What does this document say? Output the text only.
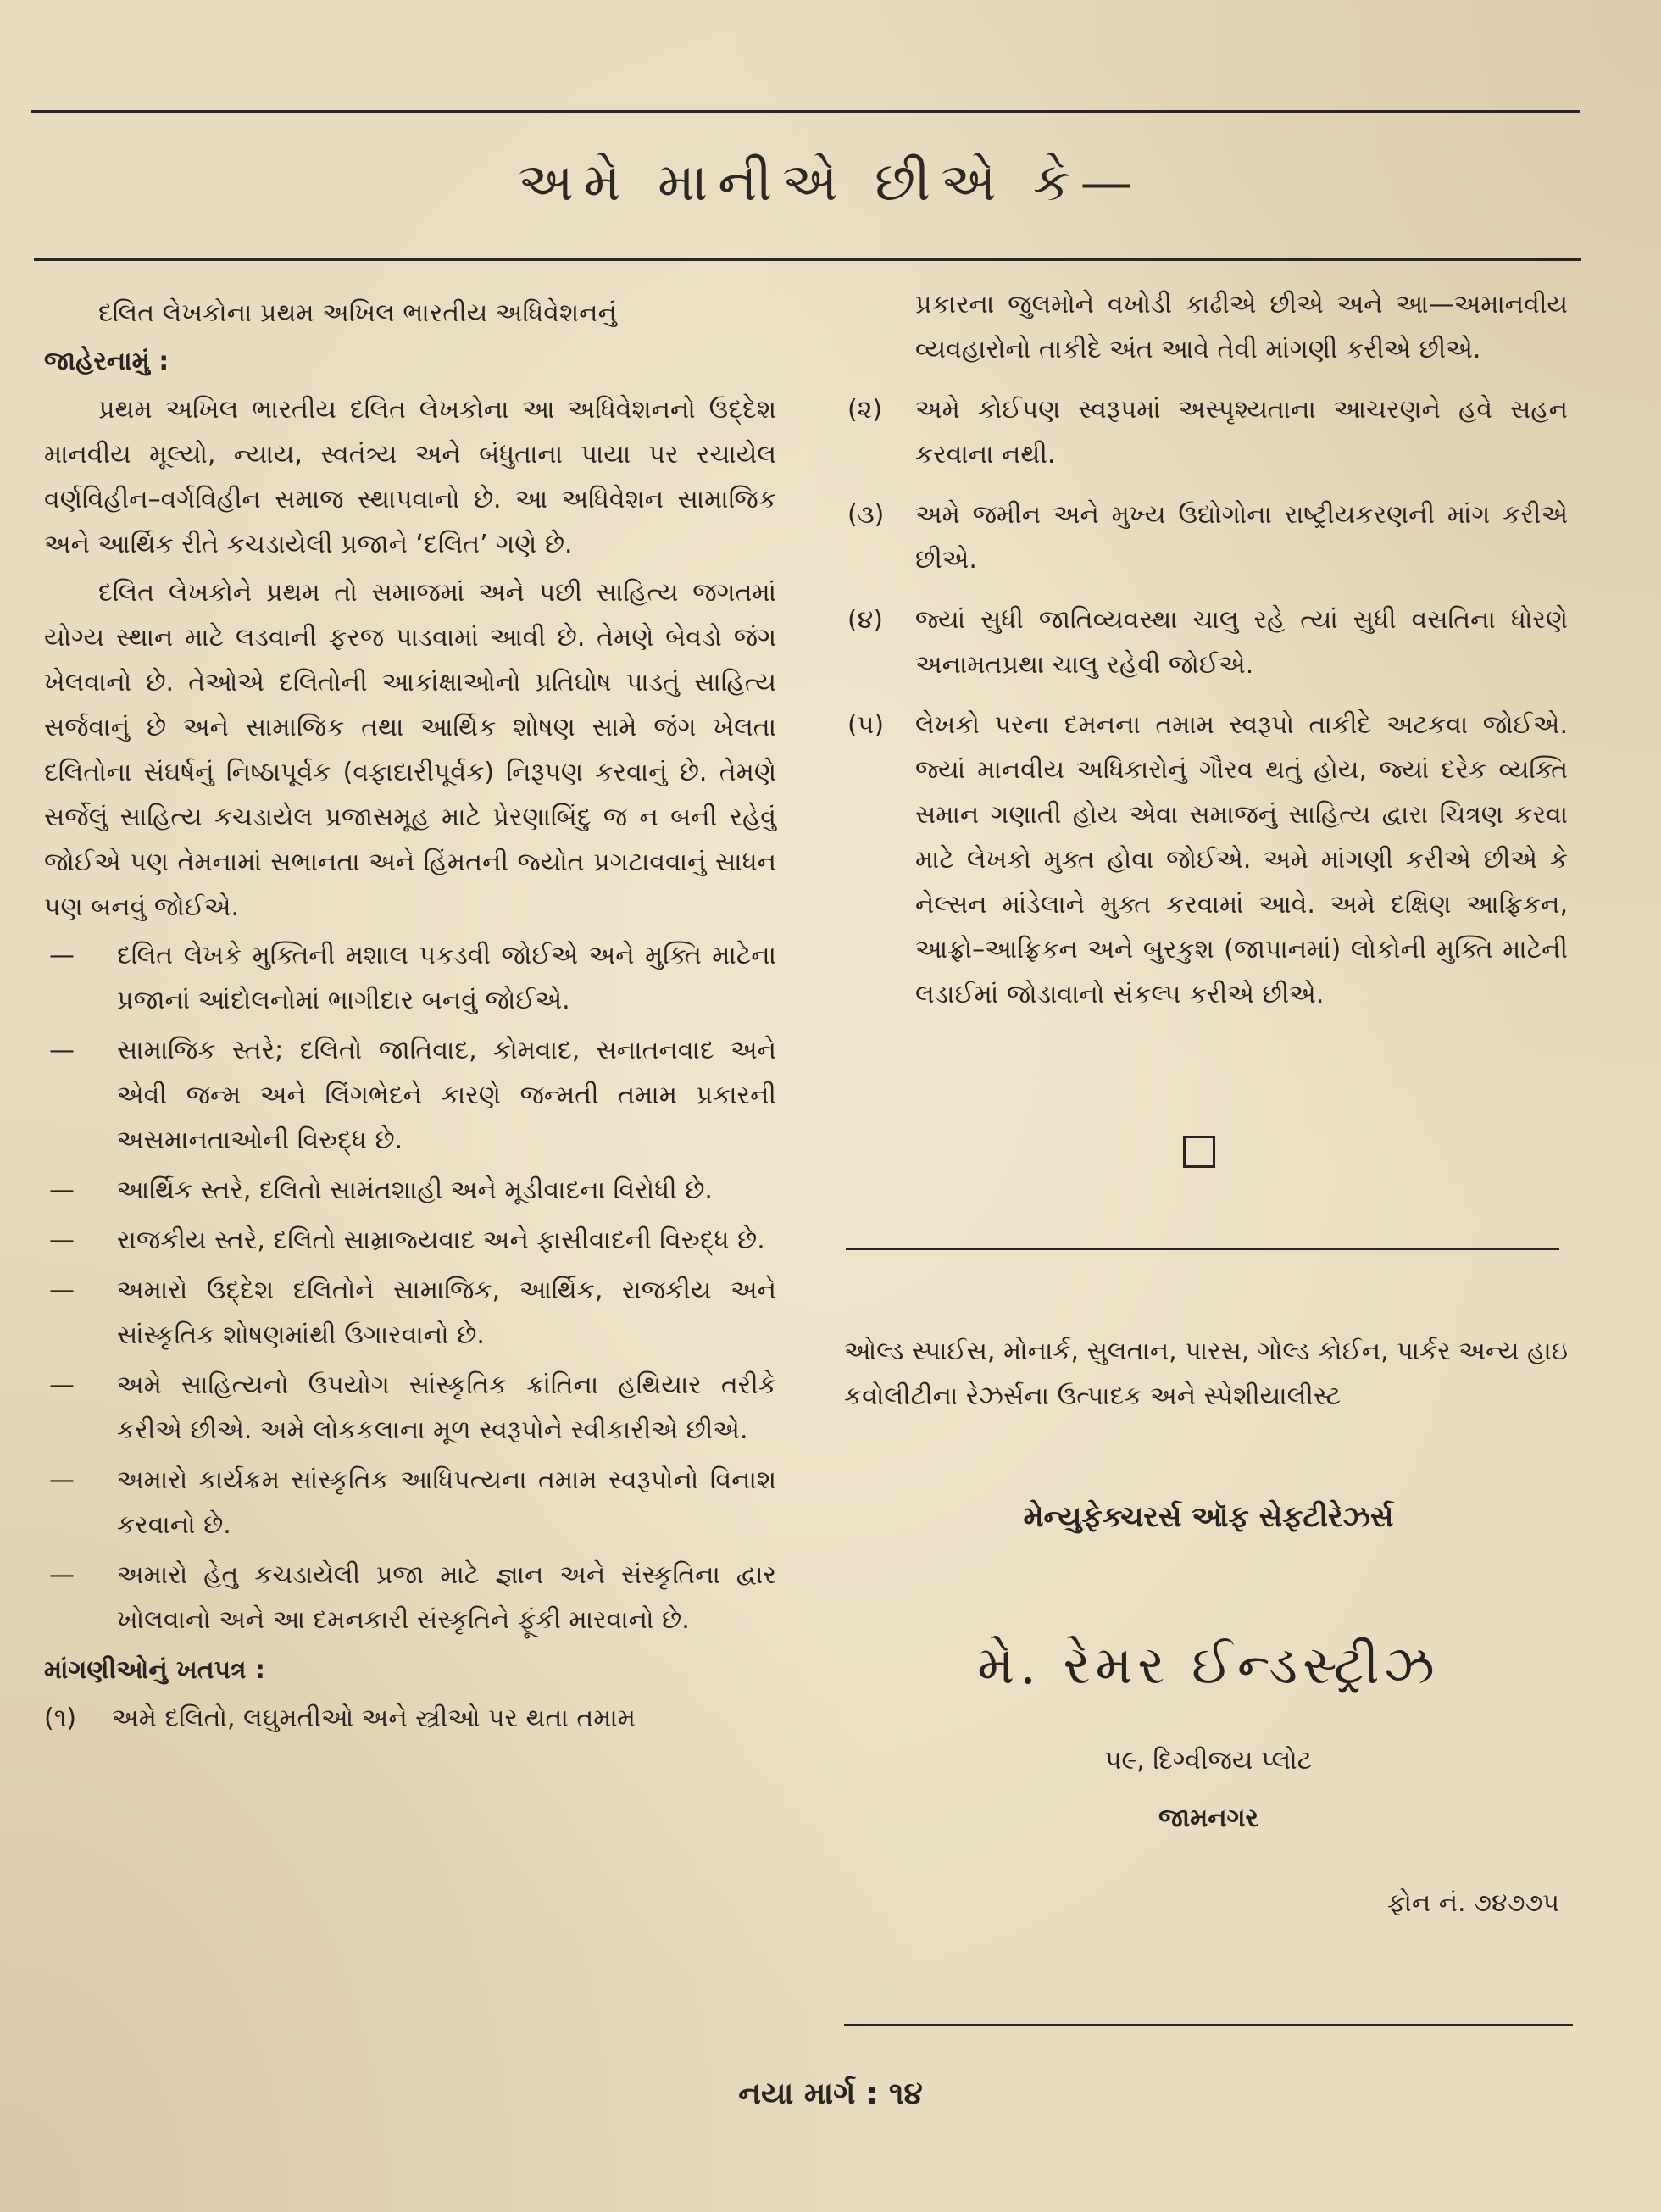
અમે માનીએ છીએ કે—
દલિત લેખકોના પ્રથમ અખિલ ભારતીય અધિવેશનનું
જાહેરનામું :
પ્રથમ અખિલ ભારતીય દલિત લેખકોના આ અધિવેશનનો ઉદ્દેશ માનવીય મૂલ્યો, ન્યાય, સ્વતંત્ર્ય અને બંધુતાના પાયા પર રચાયેલ વર્ણવિહીન–વર્ગવિહીન સમાજ સ્થાપવાનો છે. આ અધિવેશન સામાજિક અને આર્થિક રીતે કચડાયેલી પ્રજાને ‘દલિત’ ગણે છે.
દલિત લેખકોને પ્રથમ તો સમાજમાં અને પછી સાહિત્ય જગતમાં યોગ્ય સ્થાન માટે લડવાની ફરજ પાડવામાં આવી છે. તેમણે બેવડો જંગ ખેલવાનો છે. તેઓએ દલિતોની આકાંક્ષાઓનો પ્રતિઘોષ પાડતું સાહિત્ય સર્જવાનું છે અને સામાજિક તથા આર્થિક શોષણ સામે જંગ ખેલતા દલિતોના સંઘર્ષનું નિષ્ઠાપૂર્વક (વફાદારીપૂર્વક) નિરૂપણ કરવાનું છે. તેમણે સર્જેલું સાહિત્ય કચડાયેલ પ્રજાસમૂહ માટે પ્રેરણાબિંદુ જ ન બની રહેવું જોઈએ પણ તેમનામાં સભાનતા અને હિંમતની જ્યોત પ્રગટાવવાનું સાધન પણ બનવું જોઈએ.
—	દલિત લેખકે મુક્તિની મશાલ પકડવી જોઈએ અને મુક્તિ માટેના પ્રજાનાં આંદોલનોમાં ભાગીદાર બનવું જોઈએ.
—	સામાજિક સ્તરે; દલિતો જાતિવાદ, કોમવાદ, સનાતનવાદ અને એવી જન્મ અને લિંગભેદને કારણે જન્મતી તમામ પ્રકારની અસમાનતાઓની વિરુદ્ધ છે.
—	આર્થિક સ્તરે, દલિતો સામંતશાહી અને મૂડીવાદના વિરોધી છે.
—	રાજકીય સ્તરે, દલિતો સામ્રાજ્યવાદ અને ફાસીવાદની વિરુદ્ધ છે.
—	અમારો ઉદ્દેશ દલિતોને સામાજિક, આર્થિક, રાજકીય અને સાંસ્કૃતિક શોષણમાંથી ઉગારવાનો છે.
—	અમે સાહિત્યનો ઉપયોગ સાંસ્કૃતિક ક્રાંતિના હથિયાર તરીકે કરીએ છીએ. અમે લોકકલાના મૂળ સ્વરૂપોને સ્વીકારીએ છીએ.
—	અમારો કાર્યક્રમ સાંસ્કૃતિક આધિપત્યના તમામ સ્વરૂપોનો વિનાશ કરવાનો છે.
—	અમારો હેતુ કચડાયેલી પ્રજા માટે જ્ઞાન અને સંસ્કૃતિના દ્વાર ખોલવાનો અને આ દમનકારી સંસ્કૃતિને ફૂંકી મારવાનો છે.
માંગણીઓનું ખતપત્ર :
(૧)	અમે દલિતો, લઘુમતીઓ અને સ્ત્રીઓ પર થતા તમામ
પ્રકારના જુલમોને વખોડી કાઢીએ છીએ અને આ—અમાનવીય વ્યવહારોનો તાકીદે અંત આવે તેવી માંગણી કરીએ છીએ.
(૨)	અમે કોઈપણ સ્વરૂપમાં અસ્પૃશ્યતાના આચરણને હવે સહન કરવાના નથી.
(૩)	અમે જમીન અને મુખ્ય ઉદ્યોગોના રાષ્ટ્રીયકરણની માંગ કરીએ છીએ.
(૪)	જ્યાં સુધી જાતિવ્યવસ્થા ચાલુ રહે ત્યાં સુધી વસતિના ધોરણે અનામતપ્રથા ચાલુ રહેવી જોઈએ.
(૫)	લેખકો પરના દમનના તમામ સ્વરૂપો તાકીદે અટકવા જોઈએ. જ્યાં માનવીય અધિકારોનું ગૌરવ થતું હોય, જ્યાં દરેક વ્યક્તિ સમાન ગણાતી હોય એવા સમાજનું સાહિત્ય દ્વારા ચિત્રણ કરવા માટે લેખકો મુક્ત હોવા જોઈએ. અમે માંગણી કરીએ છીએ કે નેલ્સન માંડેલાને મુક્ત કરવામાં આવે. અમે દક્ષિણ આફ્રિકન, આફ્રો–આફ્રિકન અને બુરકુશ (જાપાનમાં) લોકોની મુક્તિ માટેની લડાઈમાં જોડાવાનો સંકલ્પ કરીએ છીએ.
ઓલ્ડ સ્પાઈસ, મોનાર્ક, સુલતાન, પારસ, ગોલ્ડ કોઈન, પાર્કર અન્ય હાઇ કવોલીટીના રેઝર્સના ઉત્પાદક અને સ્પેશીયાલીસ્ટ
મેન્યુફેક્ચરર્સ ઑફ સેફટીરેઝર્સ
મે. રેમર ઈન્ડસ્ટ્રીઝ
૫૯, દિગ્વીજય પ્લોટ
જામનગર
ફોન નં. ૭૪૭૭૫
નયા માર્ગ : ૧૪
